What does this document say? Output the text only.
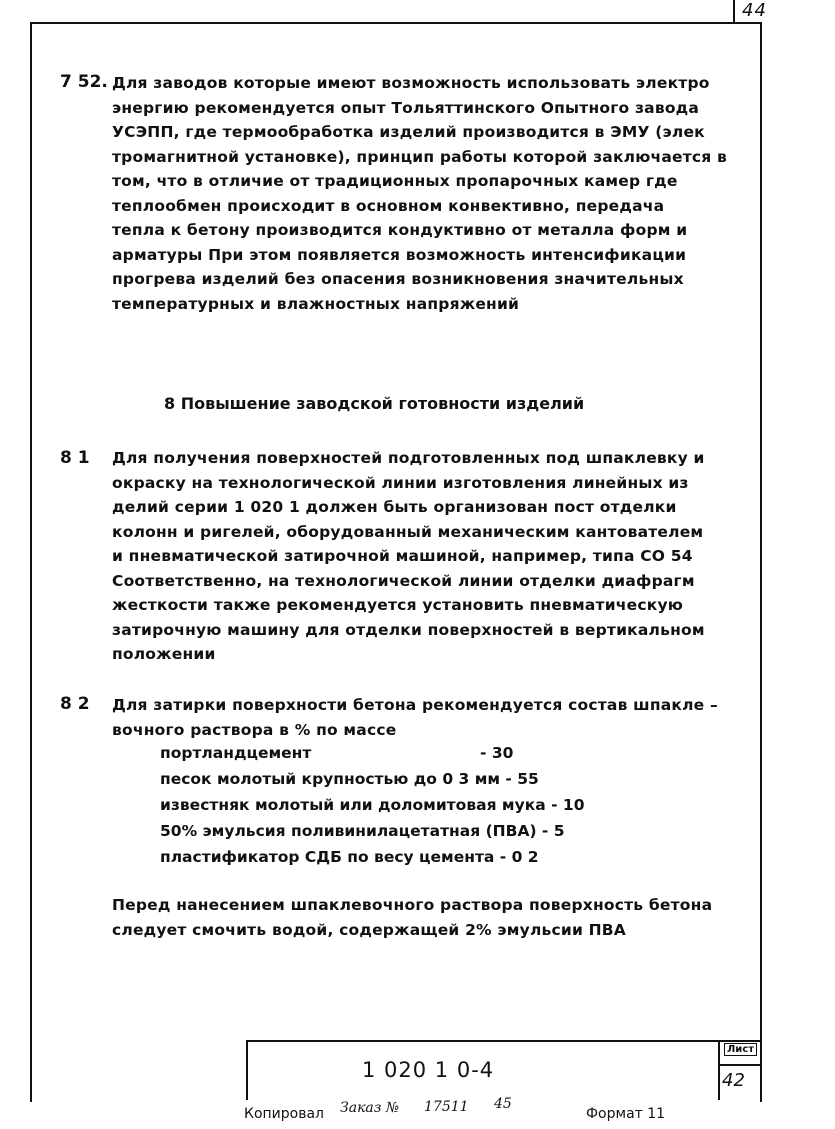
44
7 52. Для заводов которые имеют возможность использовать электро
энергию рекомендуется опыт Тольяттинского Опытного завода
УСЭПП, где термообработка изделий производится в ЭМУ (элек
тромагнитной установке), принцип работы которой заключается в
том, что в отличие от традиционных пропарочных камер где
теплообмен происходит в основном конвективно, передача
тепла к бетону производится кондуктивно от металла форм и
арматуры При этом появляется возможность интенсификации
прогрева изделий без опасения возникновения значительных
температурных и влажностных напряжений
8 Повышение заводской готовности изделий
8 1 Для получения поверхностей подготовленных под шпаклевку и
окраску на технологической линии изготовления линейных из
делий серии 1 020 1 должен быть организован пост отделки
колонн и ригелей, оборудованный механическим кантователем
и пневматической затирочной машиной, например, типа СО 54
Соответственно, на технологической линии отделки диафрагм
жесткости также рекомендуется установить пневматическую
затирочную машину для отделки поверхностей в вертикальном
положении
8 2 Для затирки поверхности бетона рекомендуется состав шпакле –
вочного раствора в % по массе
портландцемент	- 30
песок молотый крупностью до 0 3 мм - 55
известняк молотый или доломитовая мука - 10
50% эмульсия поливинилацетатная (ПВА) - 5
пластификатор СДБ по весу цемента - 0 2
Перед нанесением шпаклевочного раствора поверхность бетона
следует смочить водой, содержащей 2% эмульсии ПВА
1 020 1 0-4
Лист
42
Копировал Заказ № 17511 45
Формат 11
